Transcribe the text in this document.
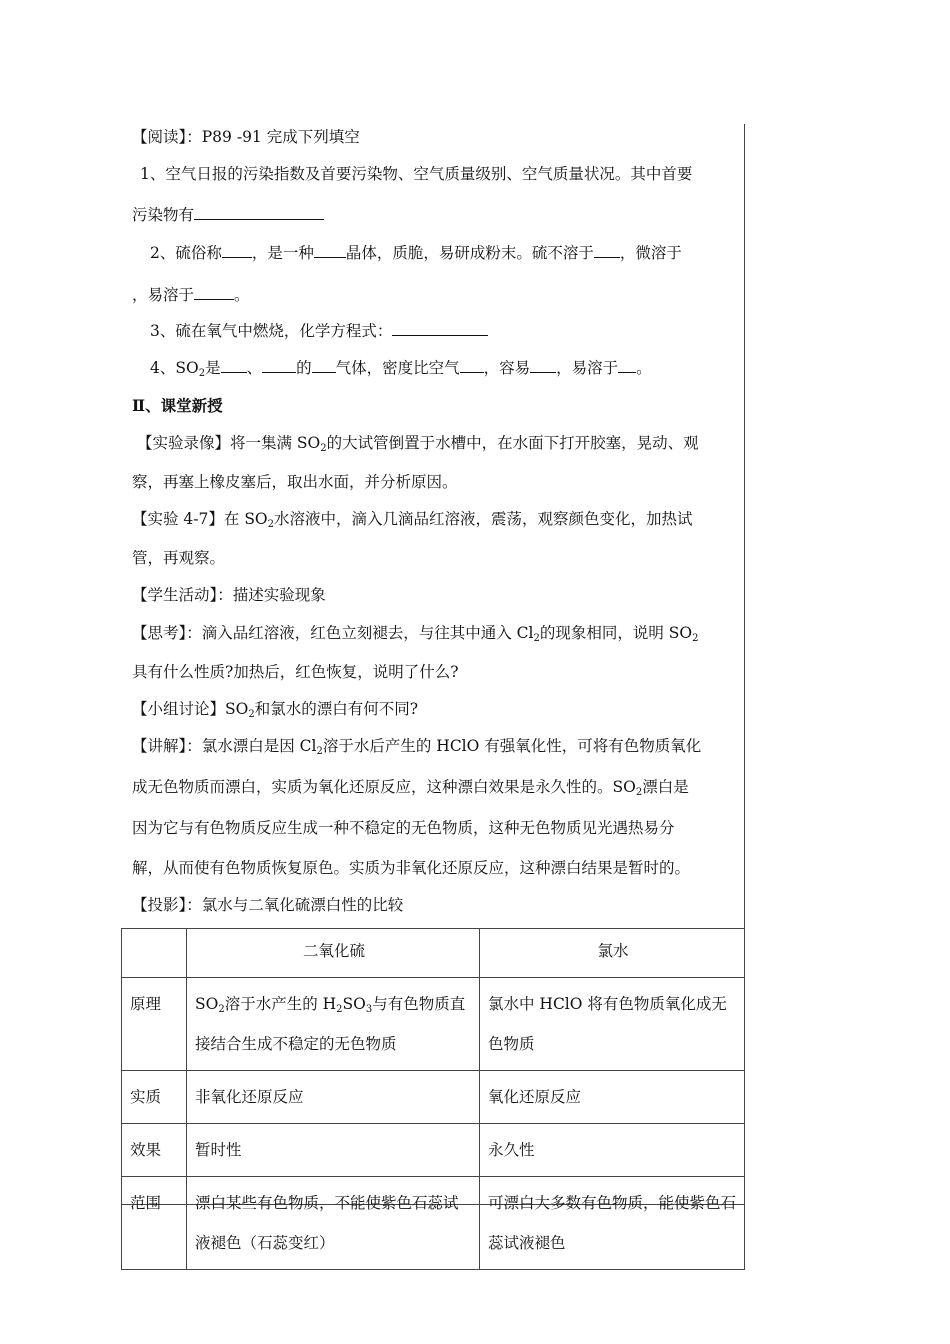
【阅读】：P89 -91 完成下列填空
1、空气日报的污染指数及首要污染物、空气质量级别、空气质量状况。其中首要
污染物有
2、硫俗称 ，是一种 晶体，质脆，易研成粉末。硫不溶于 ，微溶于
，易溶于	。
3、硫在氧气中燃烧，化学方程式：
4、$SO_2$是 、 的 气体，密度比空气 ，容易 ，易溶于 。
Ⅱ、课堂新授
【实验录像】将一集满 $SO_2$的大试管倒置于水槽中，在水面下打开胶塞，晃动、观
察，再塞上橡皮塞后，取出水面，并分析原因。
【实验 4-7】在 $SO_2$水溶液中，滴入几滴品红溶液，震荡，观察颜色变化，加热试
管，再观察。
【学生活动】：描述实验现象
【思考】：滴入品红溶液，红色立刻褪去，与往其中通入 $Cl_2$的现象相同，说明 $SO_2$
具有什么性质?加热后，红色恢复，说明了什么?
【小组讨论】$SO_2$和氯水的漂白有何不同?
【讲解】：氯水漂白是因 $Cl_2$溶于水后产生的 HClO 有强氧化性，可将有色物质氧化
成无色物质而漂白，实质为氧化还原反应，这种漂白效果是永久性的。$SO_2$漂白是
因为它与有色物质反应生成一种不稳定的无色物质，这种无色物质见光遇热易分
解，从而使有色物质恢复原色。实质为非氧化还原反应，这种漂白结果是暂时的。
【投影】：氯水与二氧化硫漂白性的比较
	二氧化硫	氯水
原理	$SO_2$溶于水产生的 $H_2SO_3$与有色物质直接结合生成不稳定的无色物质	氯水中 HClO 将有色物质氧化成无色物质
实质	非氧化还原反应	氧化还原反应
效果	暂时性	永久性
范围	漂白某些有色物质，不能使紫色石蕊试液褪色（石蕊变红）	可漂白大多数有色物质，能使紫色石蕊试液褪色
